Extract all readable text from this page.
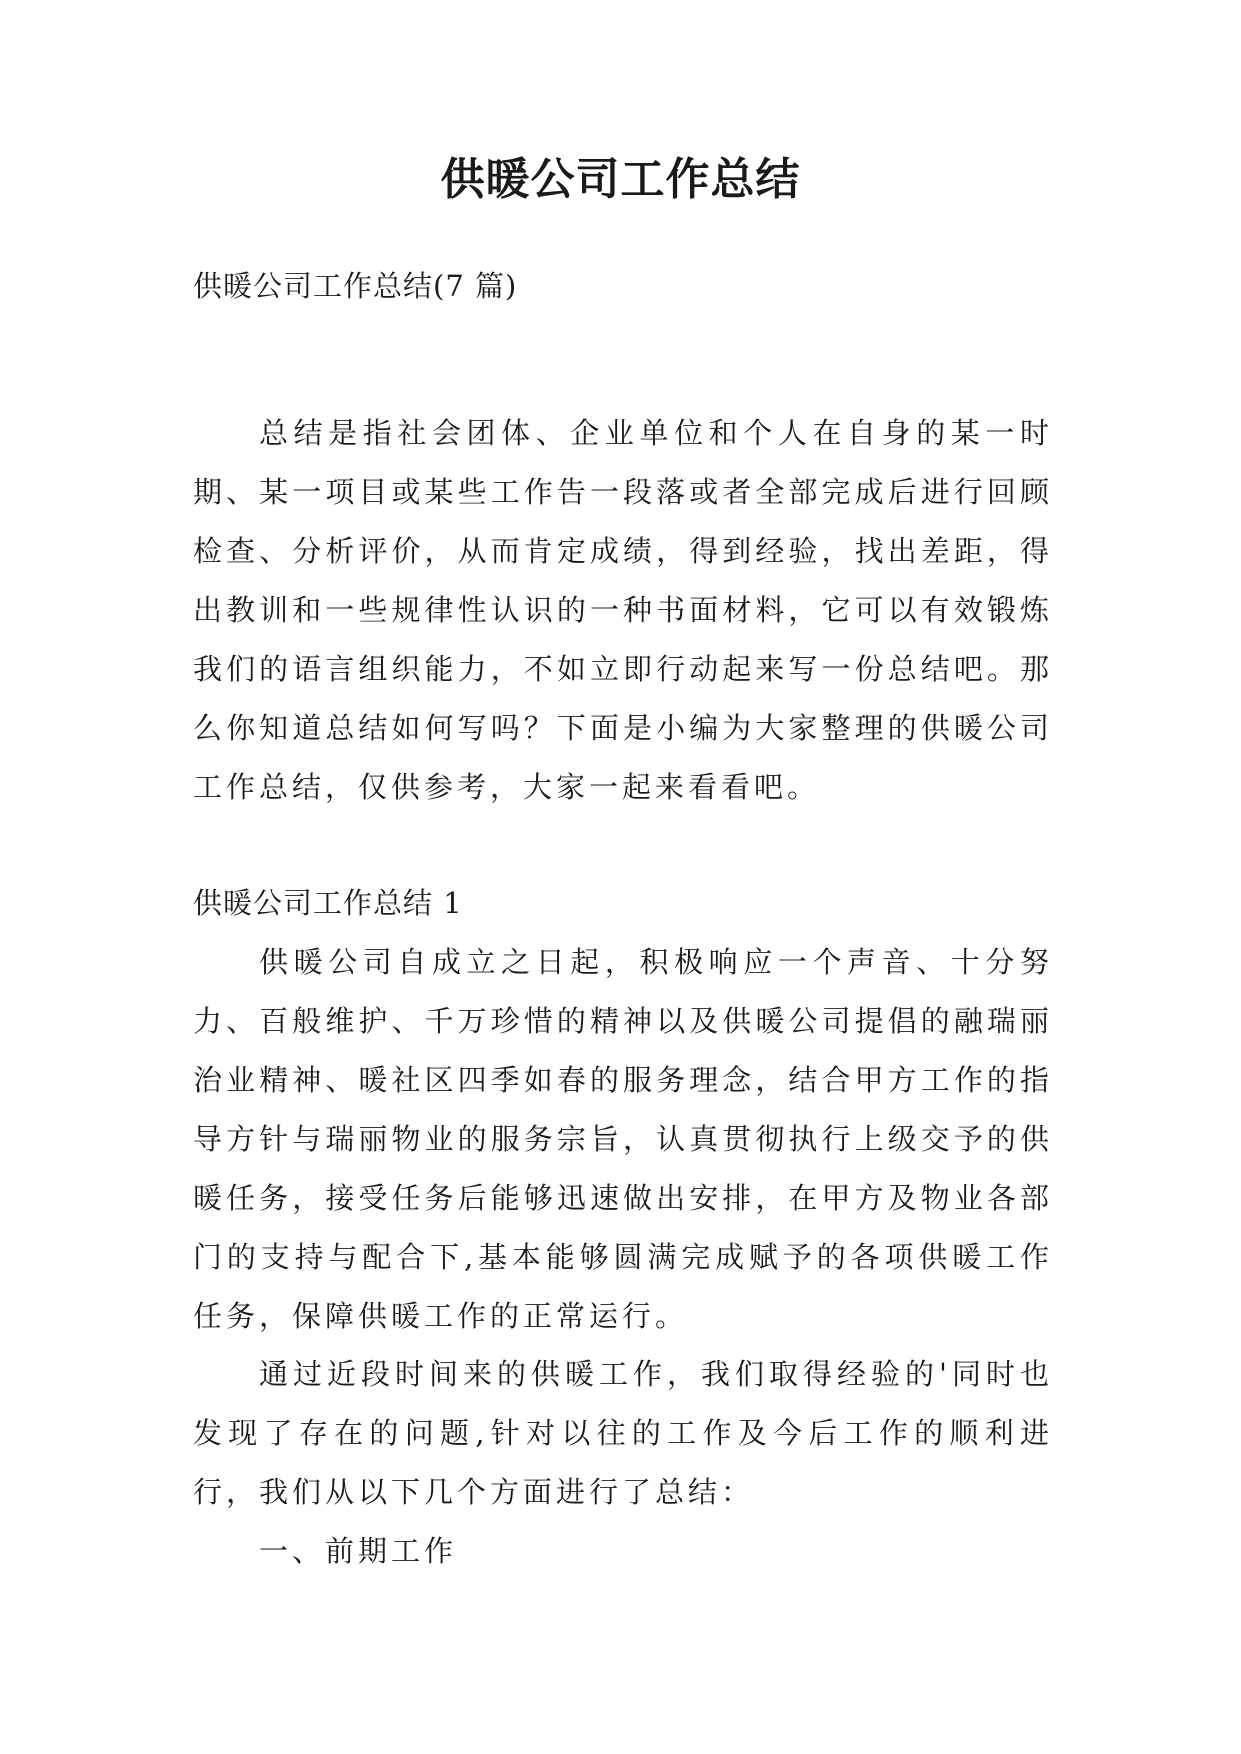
供暖公司工作总结
供暖公司工作总结(7 篇)
总结是指社会团体、企业单位和个人在自身的某一时期、某一项目或某些工作告一段落或者全部完成后进行回顾检查、分析评价，从而肯定成绩，得到经验，找出差距，得出教训和一些规律性认识的一种书面材料，它可以有效锻炼我们的语言组织能力，不如立即行动起来写一份总结吧。那么你知道总结如何写吗？下面是小编为大家整理的供暖公司工作总结，仅供参考，大家一起来看看吧。
供暖公司工作总结 1
供暖公司自成立之日起，积极响应一个声音、十分努力、百般维护、千万珍惜的精神以及供暖公司提倡的融瑞丽治业精神、暖社区四季如春的服务理念，结合甲方工作的指导方针与瑞丽物业的服务宗旨，认真贯彻执行上级交予的供暖任务，接受任务后能够迅速做出安排，在甲方及物业各部门的支持与配合下,基本能够圆满完成赋予的各项供暖工作任务，保障供暖工作的正常运行。
通过近段时间来的供暖工作，我们取得经验的'同时也发现了存在的问题,针对以往的工作及今后工作的顺利进行，我们从以下几个方面进行了总结：
一、前期工作
